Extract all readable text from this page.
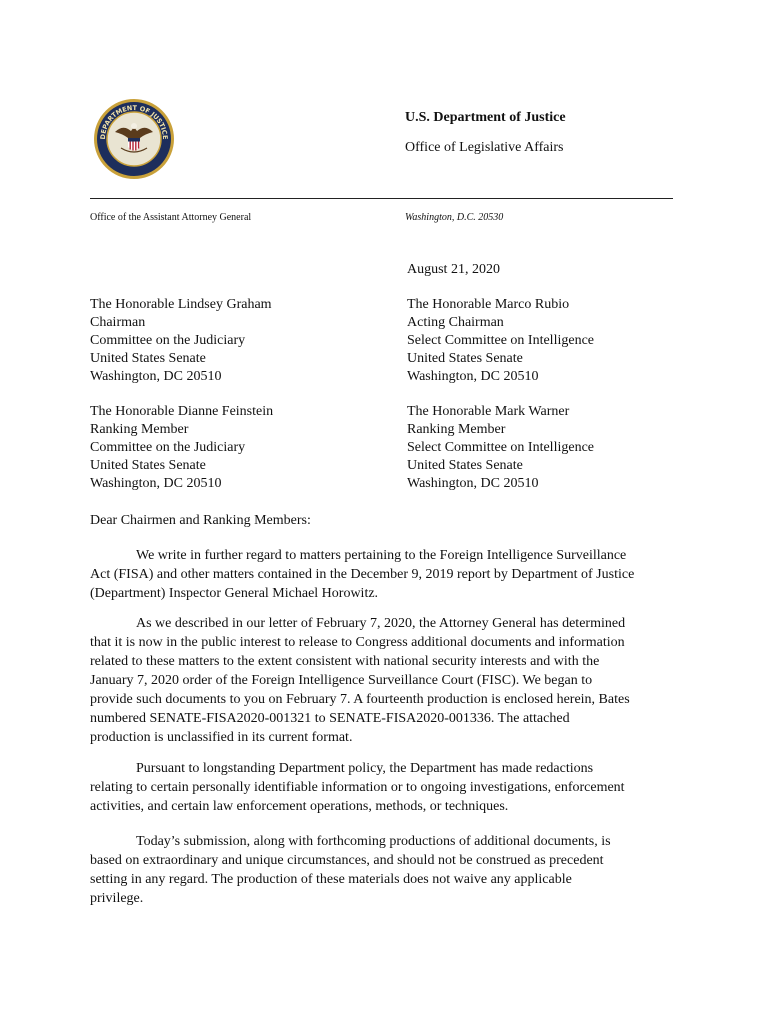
DEPARTMENT OF JUSTICE

U.S. Department of Justice

Office of Legislative Affairs

Office of the Assistant Attorney General	Washington, D.C. 20530

August 21, 2020

The Honorable Lindsey Graham
Chairman
Committee on the Judiciary
United States Senate
Washington, DC 20510
The Honorable Marco Rubio
Acting Chairman
Select Committee on Intelligence
United States Senate
Washington, DC 20510
The Honorable Dianne Feinstein
Ranking Member
Committee on the Judiciary
United States Senate
Washington, DC 20510
The Honorable Mark Warner
Ranking Member
Select Committee on Intelligence
United States Senate
Washington, DC 20510

Dear Chairmen and Ranking Members:

We write in further regard to matters pertaining to the Foreign Intelligence Surveillance
Act (FISA) and other matters contained in the December 9, 2019 report by Department of Justice
(Department) Inspector General Michael Horowitz.
As we described in our letter of February 7, 2020, the Attorney General has determined
that it is now in the public interest to release to Congress additional documents and information
related to these matters to the extent consistent with national security interests and with the
January 7, 2020 order of the Foreign Intelligence Surveillance Court (FISC). We began to
provide such documents to you on February 7. A fourteenth production is enclosed herein, Bates
numbered SENATE-FISA2020-001321 to SENATE-FISA2020-001336. The attached
production is unclassified in its current format.
Pursuant to longstanding Department policy, the Department has made redactions
relating to certain personally identifiable information or to ongoing investigations, enforcement
activities, and certain law enforcement operations, methods, or techniques.
Today’s submission, along with forthcoming productions of additional documents, is
based on extraordinary and unique circumstances, and should not be construed as precedent
setting in any regard. The production of these materials does not waive any applicable
privilege.
